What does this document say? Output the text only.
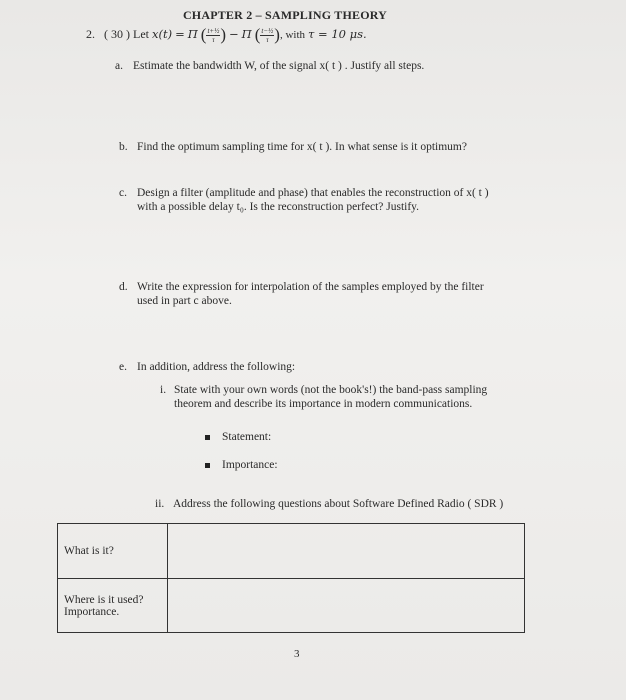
CHAPTER 2 – SAMPLING THEORY
2. ( 30 ) Let x(t) = Π ( $\frac{\text{t+½}}{\tau}$ ) − Π ( $\frac{\text{t−½}}{\tau}$ ), with τ = 10 μs.
a. Estimate the bandwidth W, of the signal x( t ) . Justify all steps.
b. Find the optimum sampling time for x( t ). In what sense is it optimum?
c. Design a filter (amplitude and phase) that enables the reconstruction of x( t )
with a possible delay t₀. Is the reconstruction perfect? Justify.
d. Write the expression for interpolation of the samples employed by the filter
used in part c above.
e. In addition, address the following:
i. State with your own words (not the book's!) the band-pass sampling
theorem and describe its importance in modern communications.
Statement:
Importance:
ii. Address the following questions about Software Defined Radio ( SDR )
What is it?	

Where is it used?
Importance.	

3
